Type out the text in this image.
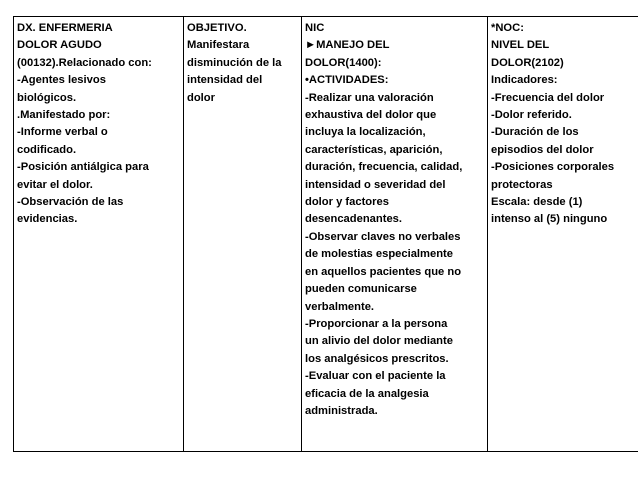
DX. ENFERMERIA
DOLOR AGUDO
(00132).Relacionado con:
-Agentes lesivos
biológicos.
.Manifestado por:
-Informe verbal o
codificado.
-Posición antiálgica para
evitar el dolor.
-Observación de las
evidencias.

OBJETIVO.
Manifestara
disminución de la
intensidad del
dolor

NIC
►MANEJO DEL
DOLOR(1400):
•ACTIVIDADES:
-Realizar una valoración
exhaustiva del dolor que
incluya la localización,
características, aparición,
duración, frecuencia, calidad,
intensidad o severidad del
dolor y factores
desencadenantes.
-Observar claves no verbales
de molestias especialmente
en aquellos pacientes que no
pueden comunicarse
verbalmente.
-Proporcionar a la persona
un alivio del dolor mediante
los analgésicos prescritos.
-Evaluar con el paciente la
eficacia de la analgesia
administrada.

*NOC:
NIVEL DEL
DOLOR(2102)
Indicadores:
-Frecuencia del dolor
-Dolor referido.
-Duración de los
episodios del dolor
-Posiciones corporales
protectoras
Escala: desde (1)
intenso al (5) ninguno
